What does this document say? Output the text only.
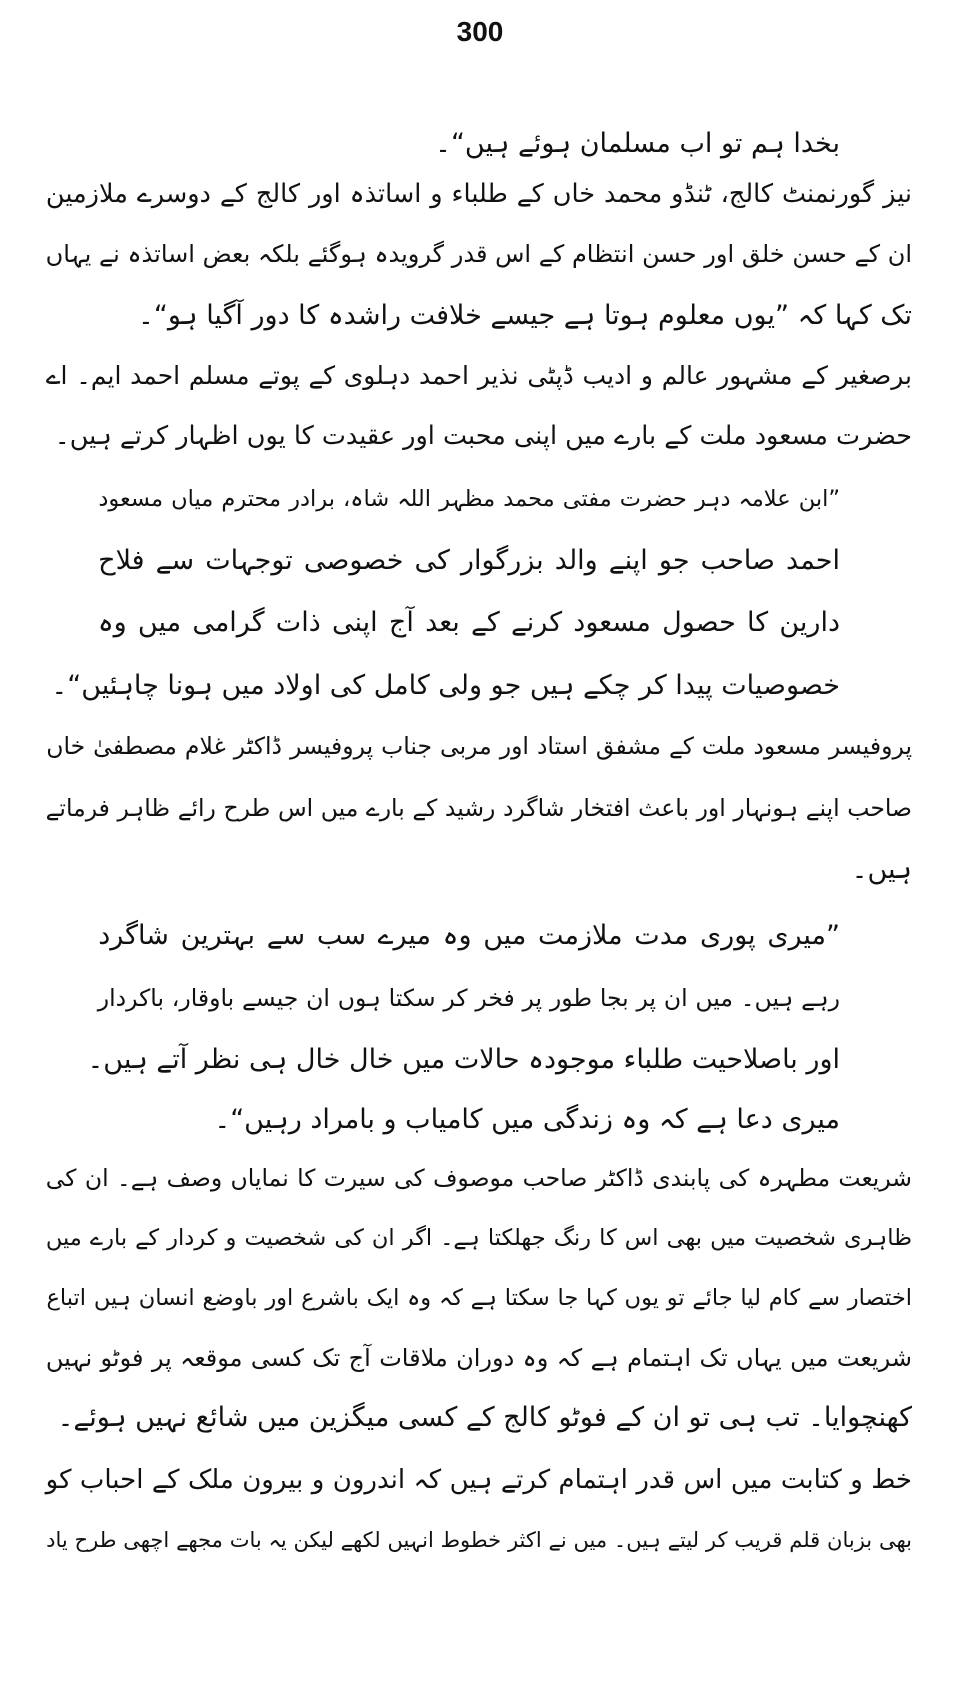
300
بخدا ہم تو اب مسلمان ہوئے ہیں“۔
نیز گورنمنٹ کالج، ٹنڈو محمد خاں کے طلباء و اساتذہ اور کالج کے دوسرے ملازمین
ان کے حسن خلق اور حسن انتظام کے اس قدر گرویدہ ہوگئے بلکہ بعض اساتذہ نے یہاں
تک کہا کہ ”یوں معلوم ہوتا ہے جیسے خلافت راشدہ کا دور آگیا ہو“۔
برصغیر کے مشہور عالم و ادیب ڈپٹی نذیر احمد دہلوی کے پوتے مسلم احمد ایم۔ اے
حضرت مسعود ملت کے بارے میں اپنی محبت اور عقیدت کا یوں اظہار کرتے ہیں۔
”ابن علامہ دہر حضرت مفتی محمد مظہر اللہ شاہ، برادر محترم میاں مسعود
احمد صاحب جو اپنے والد بزرگوار کی خصوصی توجہات سے فلاح
دارین کا حصول مسعود کرنے کے بعد آج اپنی ذات گرامی میں وہ
خصوصیات پیدا کر چکے ہیں جو ولی کامل کی اولاد میں ہونا چاہئیں“۔
پروفیسر مسعود ملت کے مشفق استاد اور مربی جناب پروفیسر ڈاکٹر غلام مصطفیٰ خاں
صاحب اپنے ہونہار اور باعث افتخار شاگرد رشید کے بارے میں اس طرح رائے ظاہر فرماتے
ہیں۔
”میری پوری مدت ملازمت میں وہ میرے سب سے بہترین شاگرد
رہے ہیں۔ میں ان پر بجا طور پر فخر کر سکتا ہوں ان جیسے باوقار، باکردار
اور باصلاحیت طلباء موجودہ حالات میں خال خال ہی نظر آتے ہیں۔
میری دعا ہے کہ وہ زندگی میں کامیاب و بامراد رہیں“۔
شریعت مطہرہ کی پابندی ڈاکٹر صاحب موصوف کی سیرت کا نمایاں وصف ہے۔ ان کی
ظاہری شخصیت میں بھی اس کا رنگ جھلکتا ہے۔ اگر ان کی شخصیت و کردار کے بارے میں
اختصار سے کام لیا جائے تو یوں کہا جا سکتا ہے کہ وہ ایک باشرع اور باوضع انسان ہیں اتباع
شریعت میں یہاں تک اہتمام ہے کہ وہ دوران ملاقات آج تک کسی موقعہ پر فوٹو نہیں
کھنچوایا۔ تب ہی تو ان کے فوٹو کالج کے کسی میگزین میں شائع نہیں ہوئے۔
خط و کتابت میں اس قدر اہتمام کرتے ہیں کہ اندرون و بیرون ملک کے احباب کو
بھی بزبان قلم قریب کر لیتے ہیں۔ میں نے اکثر خطوط انہیں لکھے لیکن یہ بات مجھے اچھی طرح یاد
